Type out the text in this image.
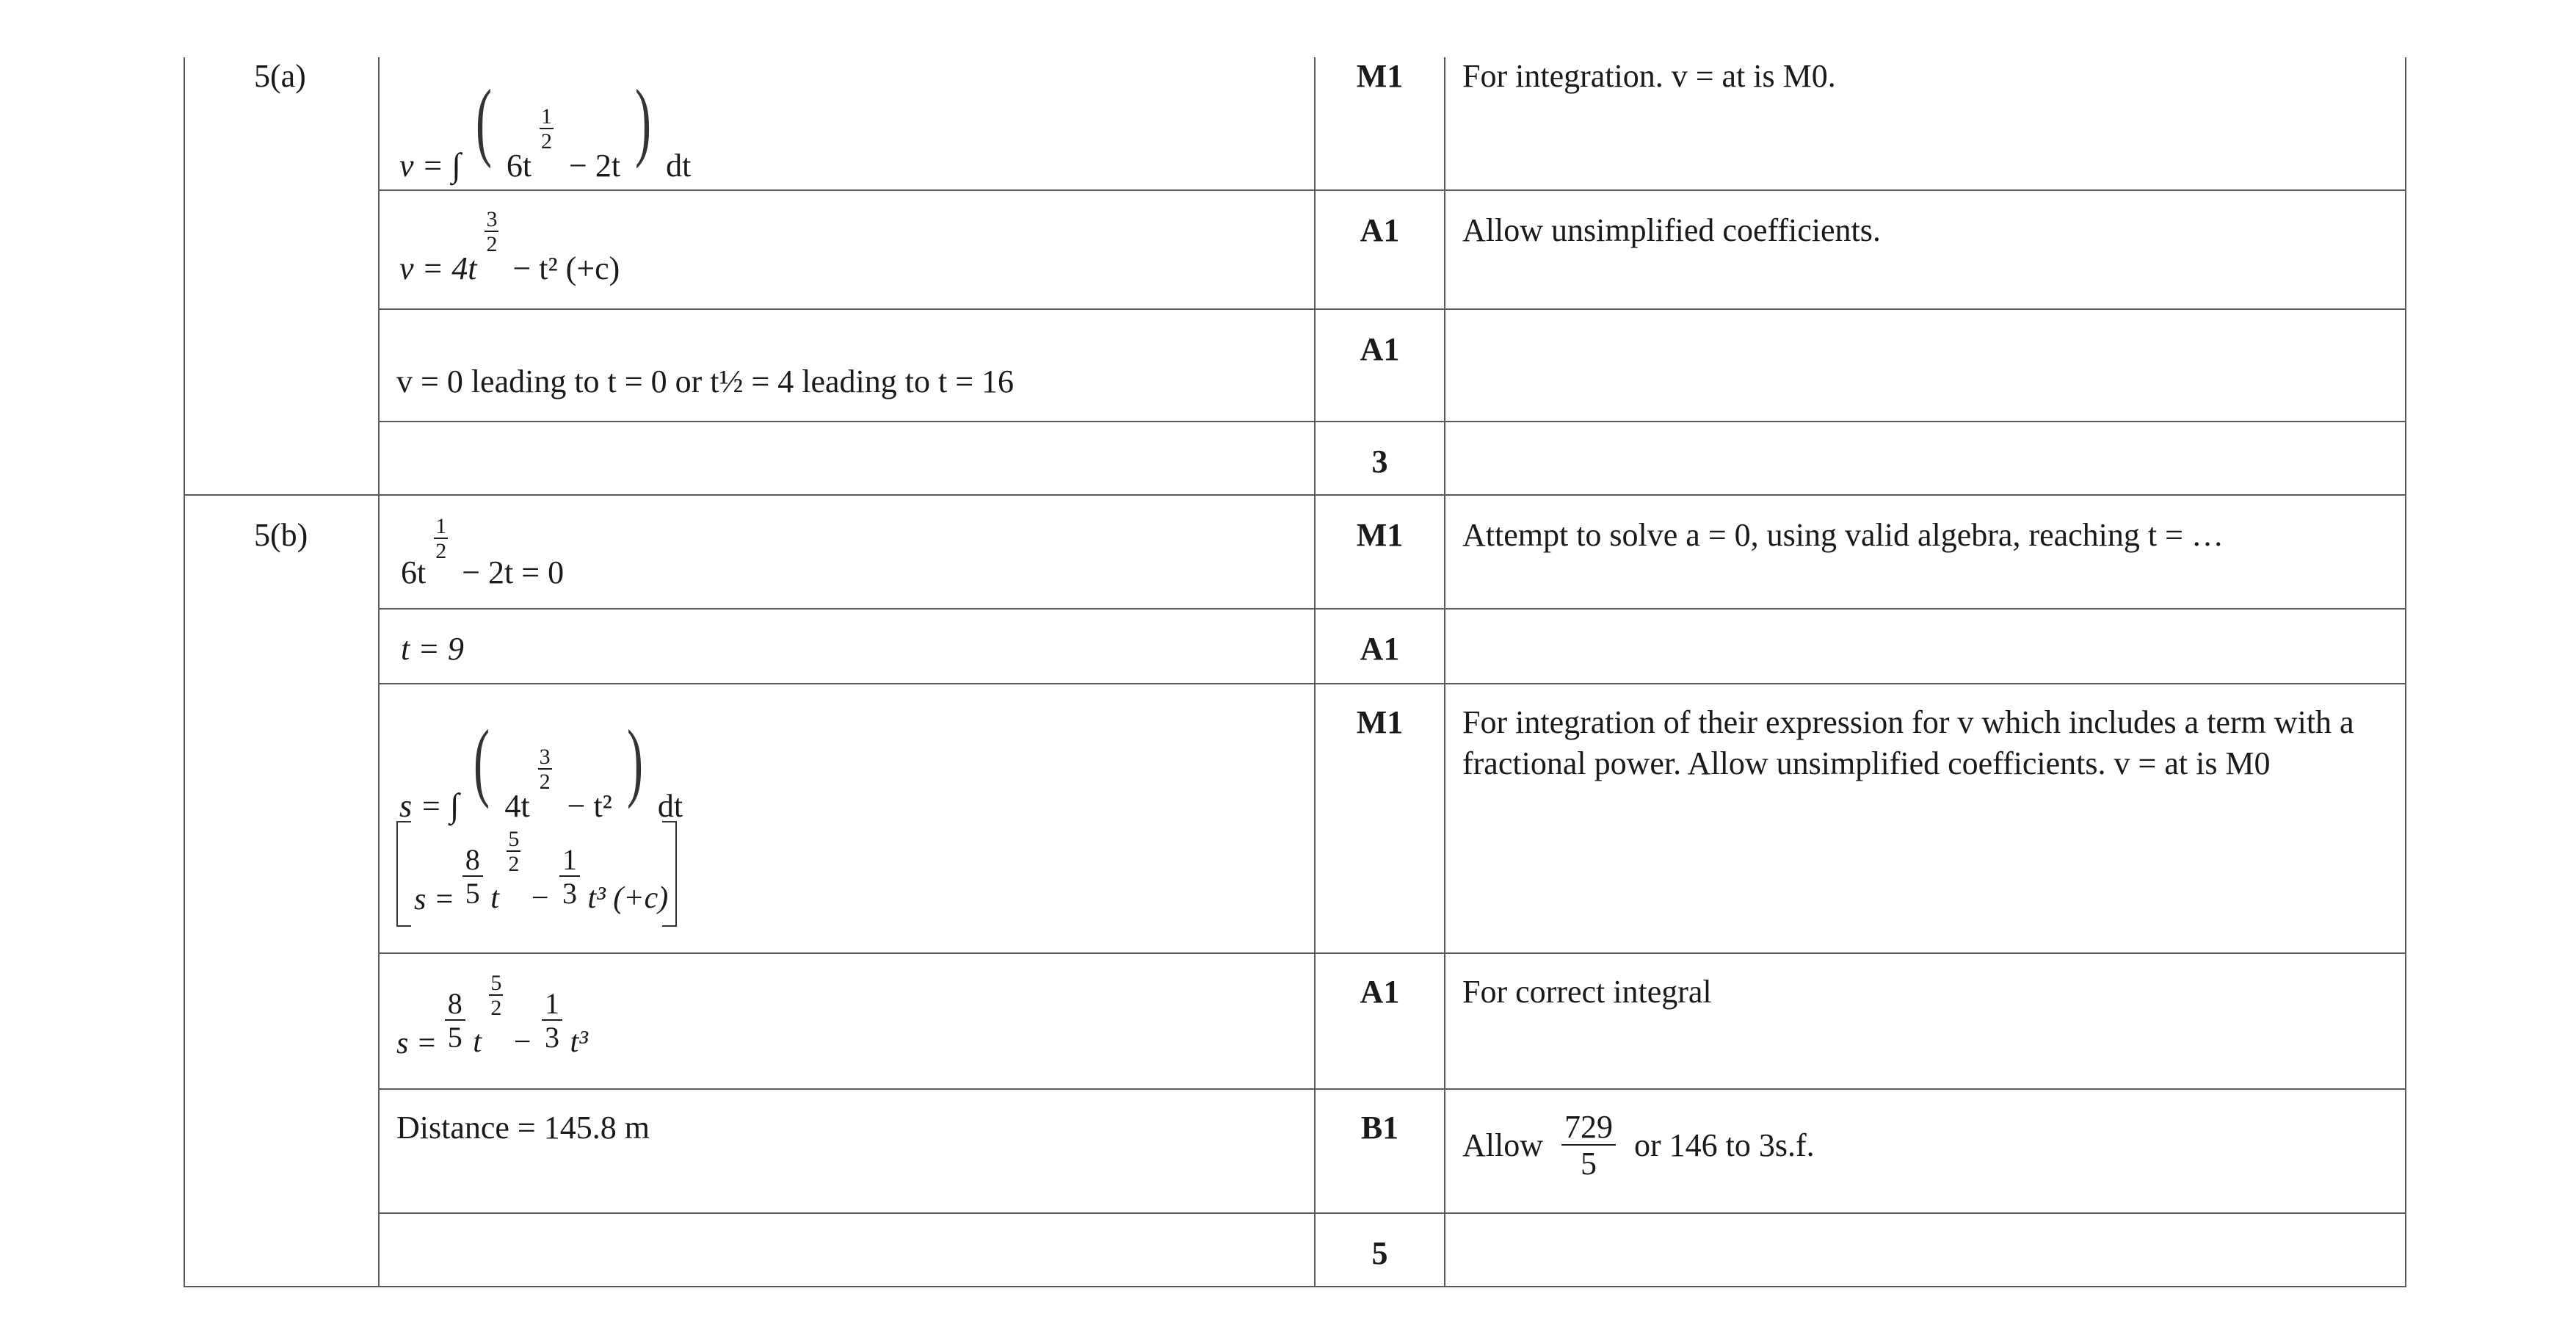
5(a)
5(b)
M1
A1
A1
3
M1
A1
M1
A1
B1
5
For integration. v = at is M0.
Allow unsimplified coefficients.
Attempt to solve a = 0, using valid algebra, reaching t = …
For integration of their expression for v which includes a term with a fractional power. Allow unsimplified coefficients. v = at is M0
For correct integral
Allow $\frac{729}{5}$ or 146 to 3s.f.
v = ∫ ( 6t
$\frac{1}{2}$
− 2t ) dt
v = 4t
$\frac{3}{2}$
− t² (+c)
v = 0 leading to t = 0 or t½ = 4 leading to t = 16
6t
$\frac{1}{2}$
− 2t = 0
t = 9
s = ∫ ( 4t
$\frac{3}{2}$
− t² ) dt
$s = \frac{8}{5}$ t
$\frac{5}{2}$
− $\frac{1}{3} t^3$ (+c)
$s = \frac{8}{5}$ t
$\frac{5}{2}$
− $\frac{1}{3} t^3$
Distance = 145.8 m
